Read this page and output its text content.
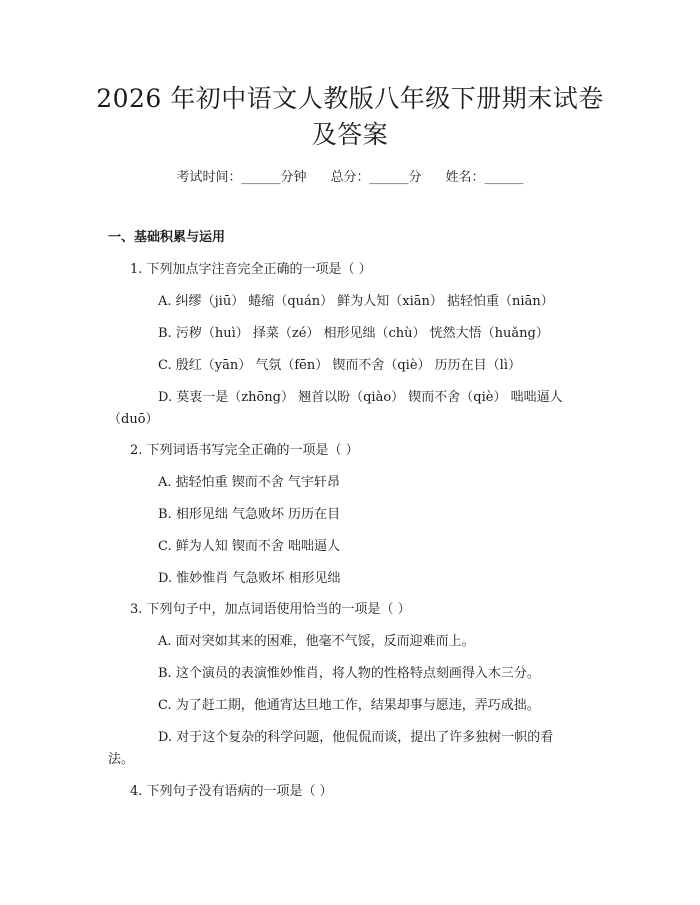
2026 年初中语文人教版八年级下册期末试卷
及答案
考试时间：______分钟 总分：______分 姓名：______
一、基础积累与运用
1. 下列加点字注音完全正确的一项是（ ）
A. 纠缪（jiū） 蜷缩（quán） 鲜为人知（xiān） 掂轻怕重（niān）
B. 污秽（huì） 择菜（zé） 相形见绌（chù） 恍然大悟（huǎng）
C. 殷红（yān） 气氛（fēn） 锲而不舍（qiè） 历历在目（lì）
D. 莫衷一是（zhōng） 翘首以盼（qiào） 锲而不舍（qiè） 咄咄逼人
（duō）
2. 下列词语书写完全正确的一项是（ ）
A. 掂轻怕重 锲而不舍 气宇轩昂
B. 相形见绌 气急败坏 历历在目
C. 鲜为人知 锲而不舍 咄咄逼人
D. 惟妙惟肖 气急败坏 相形见绌
3. 下列句子中，加点词语使用恰当的一项是（ ）
A. 面对突如其来的困难，他毫不气馁，反而迎难而上。
B. 这个演员的表演惟妙惟肖，将人物的性格特点刻画得入木三分。
C. 为了赶工期，他通宵达旦地工作，结果却事与愿违，弄巧成拙。
D. 对于这个复杂的科学问题，他侃侃而谈，提出了许多独树一帜的看
法。
4. 下列句子没有语病的一项是（ ）
